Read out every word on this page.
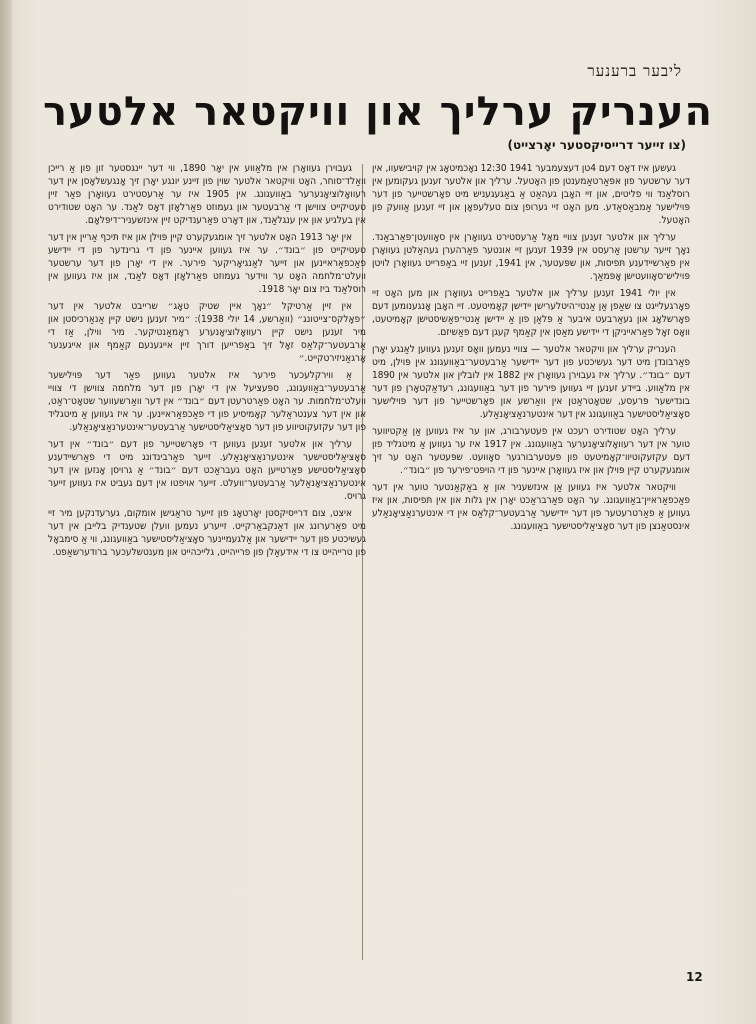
ליבער ברענער
הענריק ערליך און וויקטאר אלטער
(צו זייער דרייסיקסטער יאָרצייט)

געשען איז דאָס דעם 4טן דעצעמבער 1941 12:30 נאָכמיטאָג אין קויבישעוו, אין דער ערשטער פון אפּאַרטאַמענטן פון האָטעל. ערליך און אלטער זענען געקומען אין רוסלאַנד ווי פליטים, און זיי האָבן געהאַט אַ באַגעגעניש מיט פאָרשטייער פון דער פּוילישער אַמבאַסאַדע. מען האָט זיי גערופן צום טעלעפאָן און זיי זענען אַוועק פון האָטעל.

ערליך און אלטער זענען צוויי מאָל אַרעסטירט געוואָרן אין סאָוועטן־פאַרבאַנד. נאָך זייער ערשטן אַרעסט אין 1939 זענען זיי אונטער פאַרהערן געהאַלטן געוואָרן אין פאַרשיידענע תּפיסות, און שפּעטער, אין 1941, זענען זיי באַפרייט געוואָרן לויטן פּויליש־סאָוועטישן אָפּמאַך.

אין יולי 1941 זענען ערליך און אלטער באַפרייט געוואָרן און מען האָט זיי פאָרגעלייגט צו שאַפן אַן אַנטי־היטלערישן יידישן קאָמיטעט. זיי האָבן אָנגענומען דעם פאָרשלאָג און געאַרבעט איבער אַ פּלאַן פון אַ יידישן אַנטי־פאַשיסטישן קאָמיטעט, וואָס זאָל פאַראייניקן די יידישע מאַסן אין קאַמף קעגן דעם פאַשיזם.

הענריק ערליך און וויקטאר אלטער — צוויי נעמען וואָס זענען געווען לאַנגע יאָרן פאַרבונדן מיט דער געשיכטע פון דער יידישער אַרבעטער־באַוועגונג אין פּוילן, מיט דעם ״בונד״. ערליך איז געבוירן געוואָרן אין 1882 אין לובלין און אלטער אין 1890 אין מלאַווע. ביידע זענען זיי געווען פירער פון דער באַוועגונג, רעדאַקטאָרן פון דער בונדישער פּרעסע, שטאָטראַטן אין וואַרשע און פאָרשטייער פון דער פּוילישער סאָציאַליסטישער באַוועגונג אין דער אינטערנאַציאָנאַלע.

ערליך האָט שטודירט רעכט אין פעטערבורג, און ער איז געווען אַן אַקטיווער טוער אין דער רעוואָלוציאָנערער באַוועגונג. אין 1917 איז ער געווען אַ מיטגליד פון דעם עקזעקוטיוו־קאָמיטעט פון פעטערבורגער סאָוועט. שפּעטער האָט ער זיך אומגעקערט קיין פּוילן און איז געוואָרן איינער פון די הויפּט־פירער פון ״בונד״.

וויקטאר אלטער איז געווען אַן אינזשעניר און אַ באַקאַנטער טוער אין דער פאַכפאַראיין־באַוועגונג. ער האָט פאַרבראַכט יאָרן אין גלות און אין תּפיסות, און איז געווען אַ פאַרטרעטער פון דער יידישער אַרבעטער־קלאַס אין די אינטערנאַציאָנאַלע אינסטאַנצן פון דער סאָציאַליסטישער באַוועגונג.

געבוירן געוואָרן אין מלאַווע אין יאָר 1890, ווי דער יינגסטער זון פון אַ רייכן וואַלד־סוחר, האָט וויקטאר אלטער שוין פון זיינע יונגע יאָרן זיך אָנגעשלאָסן אין דער רעוואָלוציאָנערער באַוועגונג. אין 1905 איז ער אַרעסטירט געוואָרן פאַר זיין טעטיקייט צווישן די אַרבעטער און געמוזט פאַרלאָזן דאָס לאַנד. ער האָט שטודירט אין בעלגיע און אין ענגלאַנד, און דאָרט פאַרענדיקט זיין אינזשעניר־דיפּלאָם.

אין יאָר 1913 האָט אלטער זיך אומגעקערט קיין פּוילן און איז תּיכף אַריין אין דער טעטיקייט פון ״בונד״. ער איז געווען איינער פון די גרינדער פון די יידישע פאַכפאַראיינען און זייער לאַנגיאָריקער פירער. אין די יאָרן פון דער ערשטער וועלט־מלחמה האָט ער ווידער געמוזט פאַרלאָזן דאָס לאַנד, און איז געווען אין רוסלאַנד ביז צום יאָר 1918.

אין זיין אַרטיקל ״נאָך איין שטיק טאָג״ שרייבט אלטער אין דער ״פאָלקס־צייטונג״ (וואַרשע, 14 יולי 1938): ״מיר זענען נישט קיין אַנאַרכיסטן און מיר זענען נישט קיין רעוואָלוציאָנערע ראָמאַנטיקער. מיר ווילן, אַז די אַרבעטער־קלאַס זאָל זיך באַפרייען דורך זיין אייגענעם קאַמף און אייגענער אָרגאַניזירטקייט.״

אַ ווירקלעכער פירער איז אלטער געווען פאַר דער פּוילישער אַרבעטער־באַוועגונג, ספּעציעל אין די יאָרן פון דער מלחמה צווישן די צוויי וועלט־מלחמות. ער האָט פאַרטרעטן דעם ״בונד״ אין דער וואַרשעווער שטאָט־ראַט, און אין דער צענטראַלער קאָמיסיע פון די פאַכפאַראיינען. ער איז געווען אַ מיטגליד פון דער עקזעקוטיווע פון דער סאָציאַליסטישער אַרבעטער־אינטערנאַציאָנאַלע.

ערליך און אלטער זענען געווען די פאָרשטייער פון דעם ״בונד״ אין דער סאָציאַליסטישער אינטערנאַציאָנאַלע. זייער פאַרבינדונג מיט די פאַרשיידענע סאָציאַליסטישע פּאַרטייען האָט געבראַכט דעם ״בונד״ אַ גרויסן אָנזען אין דער אינטערנאַציאָנאַלער אַרבעטער־וועלט. זייער אויפטו אין דעם געביט איז געווען זייער גרויס.

איצט, צום דרייסיקסטן יאָרטאָג פון זייער טראַגישן אומקום, גערעדנקען מיר זיי מיט פאַרערונג און דאַנקבאַרקייט. זייערע נעמען וועלן שטענדיק בלייבן אין דער געשיכטע פון דער יידישער און אַלגעמיינער סאָציאַליסטישער באַוועגונג, ווי אַ סימבאָל פון טרייהייט צו די אידעאַלן פון פרייהייט, גלייכהייט און מענטשלעכער ברודערשאַפט.

12
